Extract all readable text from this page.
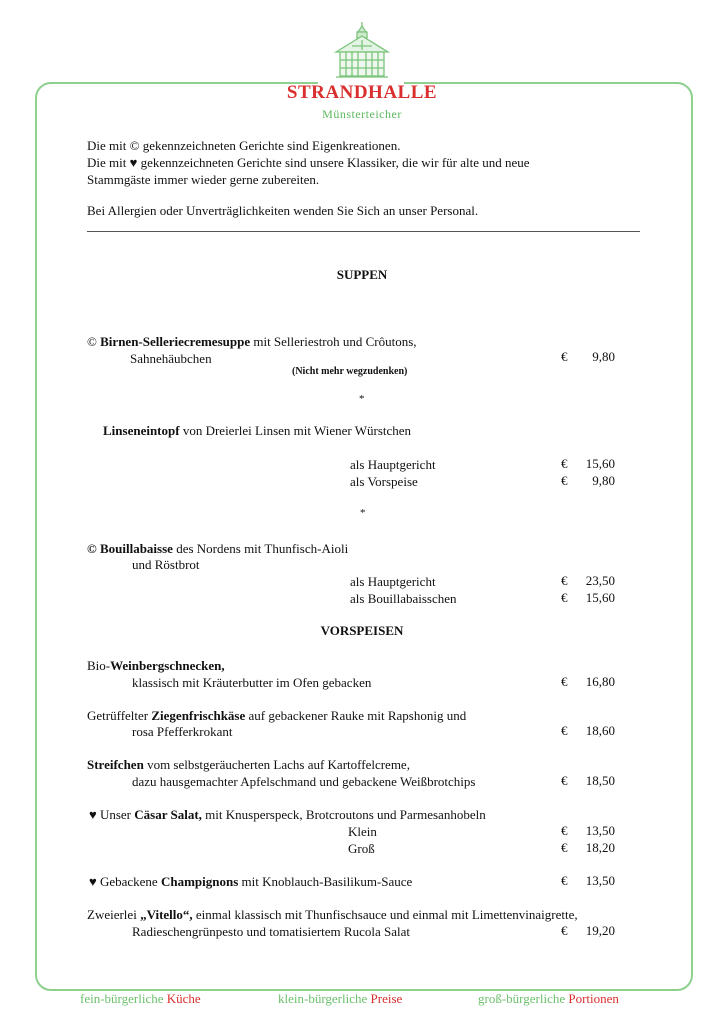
STRANDHALLE
Münsterteicher
Die mit © gekennzeichneten Gerichte sind Eigenkreationen.
Die mit ♥ gekennzeichneten Gerichte sind unsere Klassiker, die wir für alte und neue
Stammgäste immer wieder gerne zubereiten.
Bei Allergien oder Unverträglichkeiten wenden Sie Sich an unser Personal.
SUPPEN
© Birnen-Selleriecremesuppe mit Selleriestroh und Crôutons,
Sahnehäubchen	€ 9,80
(Nicht mehr wegzudenken)
*
Linseneintopf von Dreierlei Linsen mit Wiener Würstchen
als Hauptgericht	€ 15,60
als Vorspeise	€ 9,80
*
© Bouillabaisse des Nordens mit Thunfisch-Aioli
und Röstbrot
als Hauptgericht	€ 23,50
als Bouillabaisschen	€ 15,60
VORSPEISEN
Bio-Weinbergschnecken,
klassisch mit Kräuterbutter im Ofen gebacken	€ 16,80
Getrüffelter Ziegenfrischkäse auf gebackener Rauke mit Rapshonig und
rosa Pfefferkrokant	€ 18,60
Streifchen vom selbstgeräucherten Lachs auf Kartoffelcreme,
dazu hausgemachter Apfelschmand und gebackene Weißbrotchips	€ 18,50
♥ Unser Cäsar Salat, mit Knusperspeck, Brotcroutons und Parmesanhobeln
Klein	€ 13,50
Groß	€ 18,20
♥ Gebackene Champignons mit Knoblauch-Basilikum-Sauce	€ 13,50
Zweierlei „Vitello“, einmal klassisch mit Thunfischsauce und einmal mit Limettenvinaigrette,
Radieschengrünpesto und tomatisiertem Rucola Salat	€ 19,20
fein-bürgerliche Küche	klein-bürgerliche Preise	groß-bürgerliche Portionen
